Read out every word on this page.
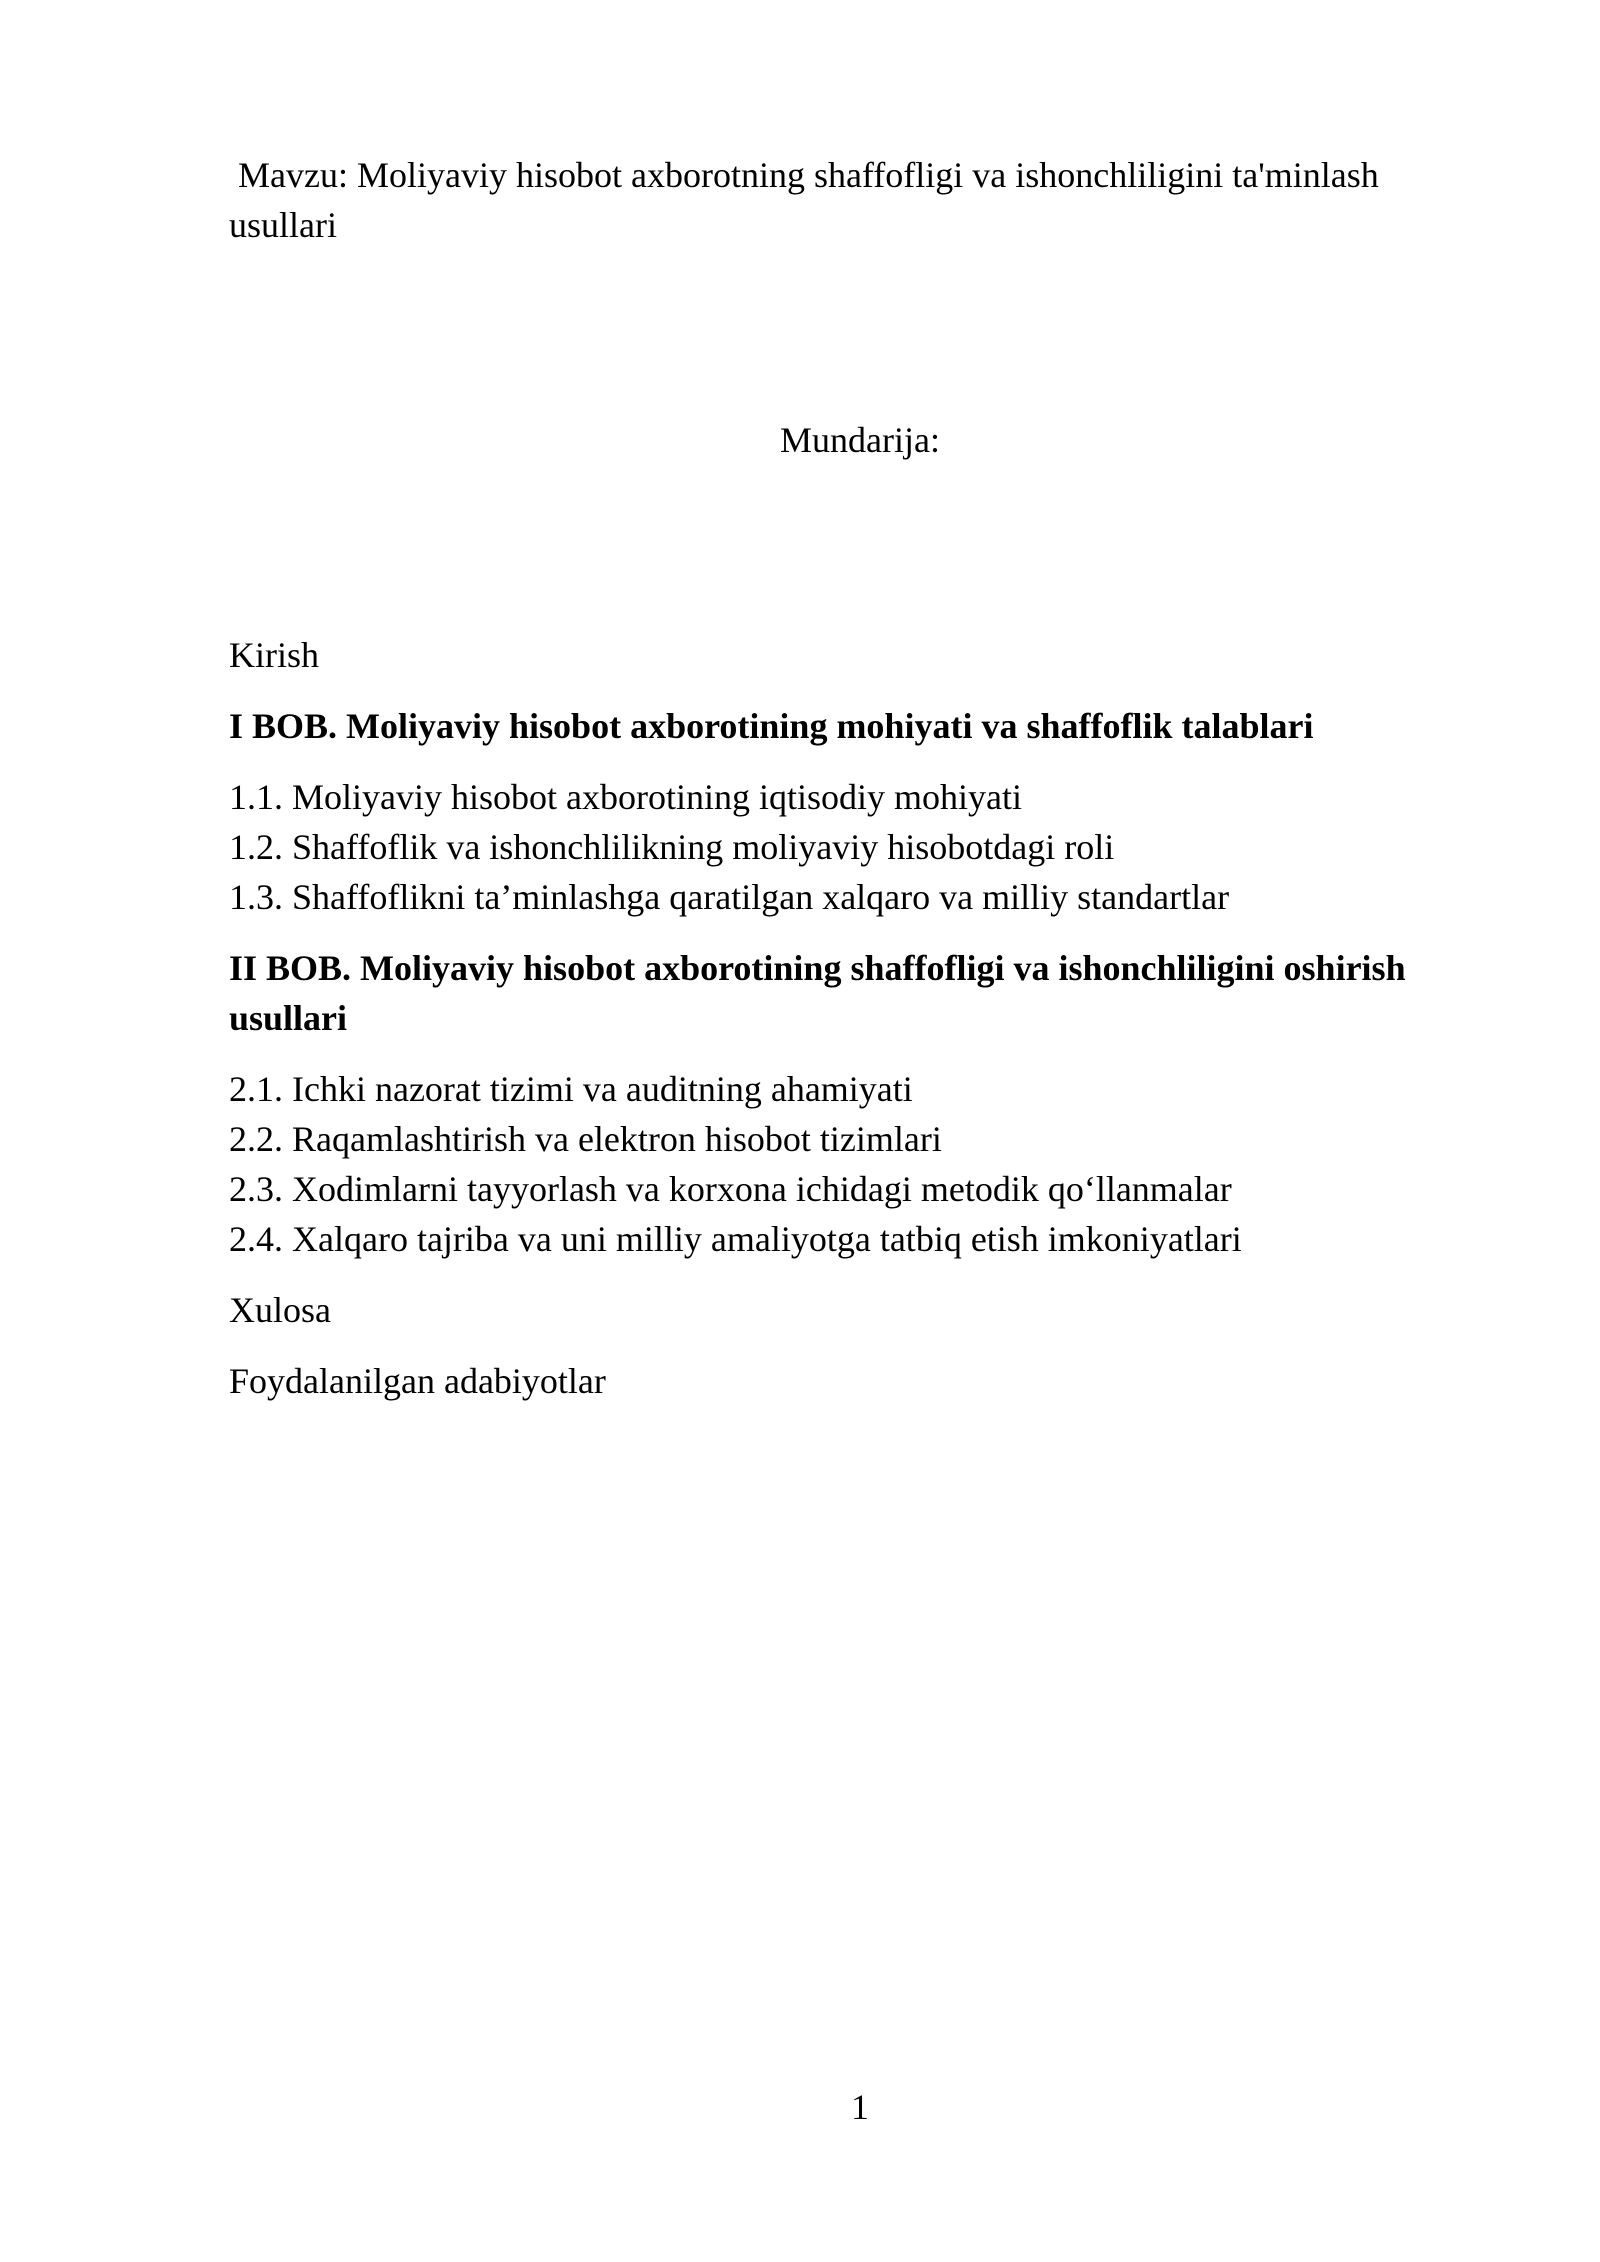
Mavzu: Moliyaviy hisobot axborotning shaffofligi va ishonchliligini ta'minlash usullari

Mundarija:

Kirish

I BOB. Moliyaviy hisobot axborotining mohiyati va shaffoflik talablari

1.1. Moliyaviy hisobot axborotining iqtisodiy mohiyati

1.2. Shaffoflik va ishonchlilikning moliyaviy hisobotdagi roli

1.3. Shaffoflikni ta’minlashga qaratilgan xalqaro va milliy standartlar

II BOB. Moliyaviy hisobot axborotining shaffofligi va ishonchliligini oshirish usullari

2.1. Ichki nazorat tizimi va auditning ahamiyati

2.2. Raqamlashtirish va elektron hisobot tizimlari

2.3. Xodimlarni tayyorlash va korxona ichidagi metodik qo‘llanmalar

2.4. Xalqaro tajriba va uni milliy amaliyotga tatbiq etish imkoniyatlari

Xulosa

Foydalanilgan adabiyotlar

1
